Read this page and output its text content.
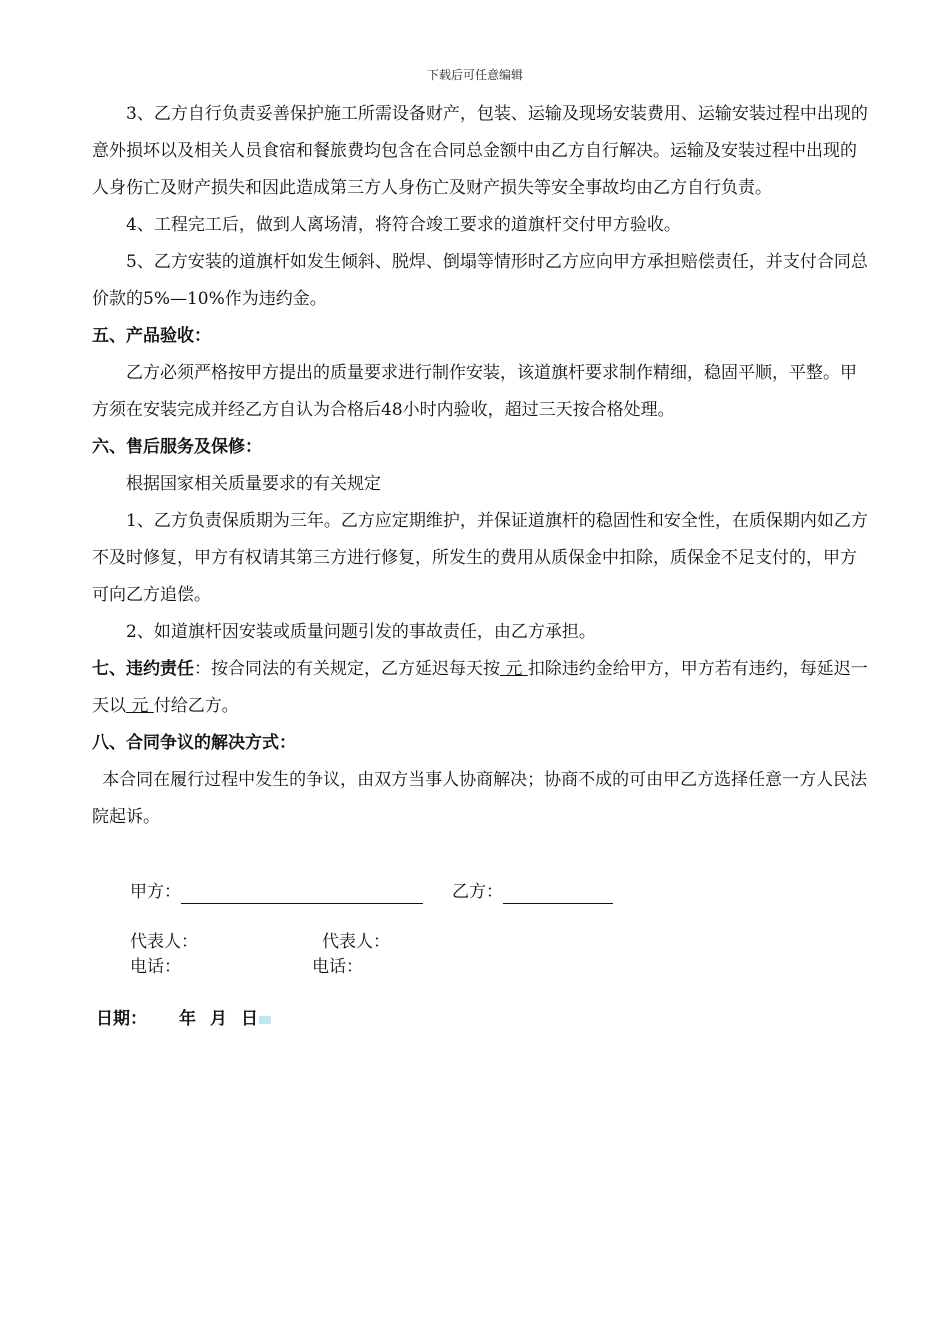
下载后可任意编辑

3、乙方自行负责妥善保护施工所需设备财产，包装、运输及现场安装费用、运输安装过程中出现的意外损坏以及相关人员食宿和餐旅费均包含在合同总金额中由乙方自行解决。运输及安装过程中出现的人身伤亡及财产损失和因此造成第三方人身伤亡及财产损失等安全事故均由乙方自行负责。

4、工程完工后，做到人离场清，将符合竣工要求的道旗杆交付甲方验收。

5、乙方安装的道旗杆如发生倾斜、脱焊、倒塌等情形时乙方应向甲方承担赔偿责任，并支付合同总价款的5%—10%作为违约金。

五、产品验收：

乙方必须严格按甲方提出的质量要求进行制作安装，该道旗杆要求制作精细，稳固平顺，平整。甲方须在安装完成并经乙方自认为合格后48小时内验收，超过三天按合格处理。

六、售后服务及保修：

根据国家相关质量要求的有关规定

1、乙方负责保质期为三年。乙方应定期维护，并保证道旗杆的稳固性和安全性，在质保期内如乙方不及时修复，甲方有权请其第三方进行修复，所发生的费用从质保金中扣除，质保金不足支付的，甲方可向乙方追偿。

2、如道旗杆因安装或质量问题引发的事故责任，由乙方承担。

七、违约责任：按合同法的有关规定，乙方延迟每天按 元 扣除违约金给甲方，甲方若有违约，每延迟一天以 元 付给乙方。

八、合同争议的解决方式：

本合同在履行过程中发生的争议，由双方当事人协商解决；协商不成的可由甲乙方选择任意一方人民法院起诉。

甲方：	乙方：
代表人：	代表人：
电话：	电话：
日期： 年 月 日
